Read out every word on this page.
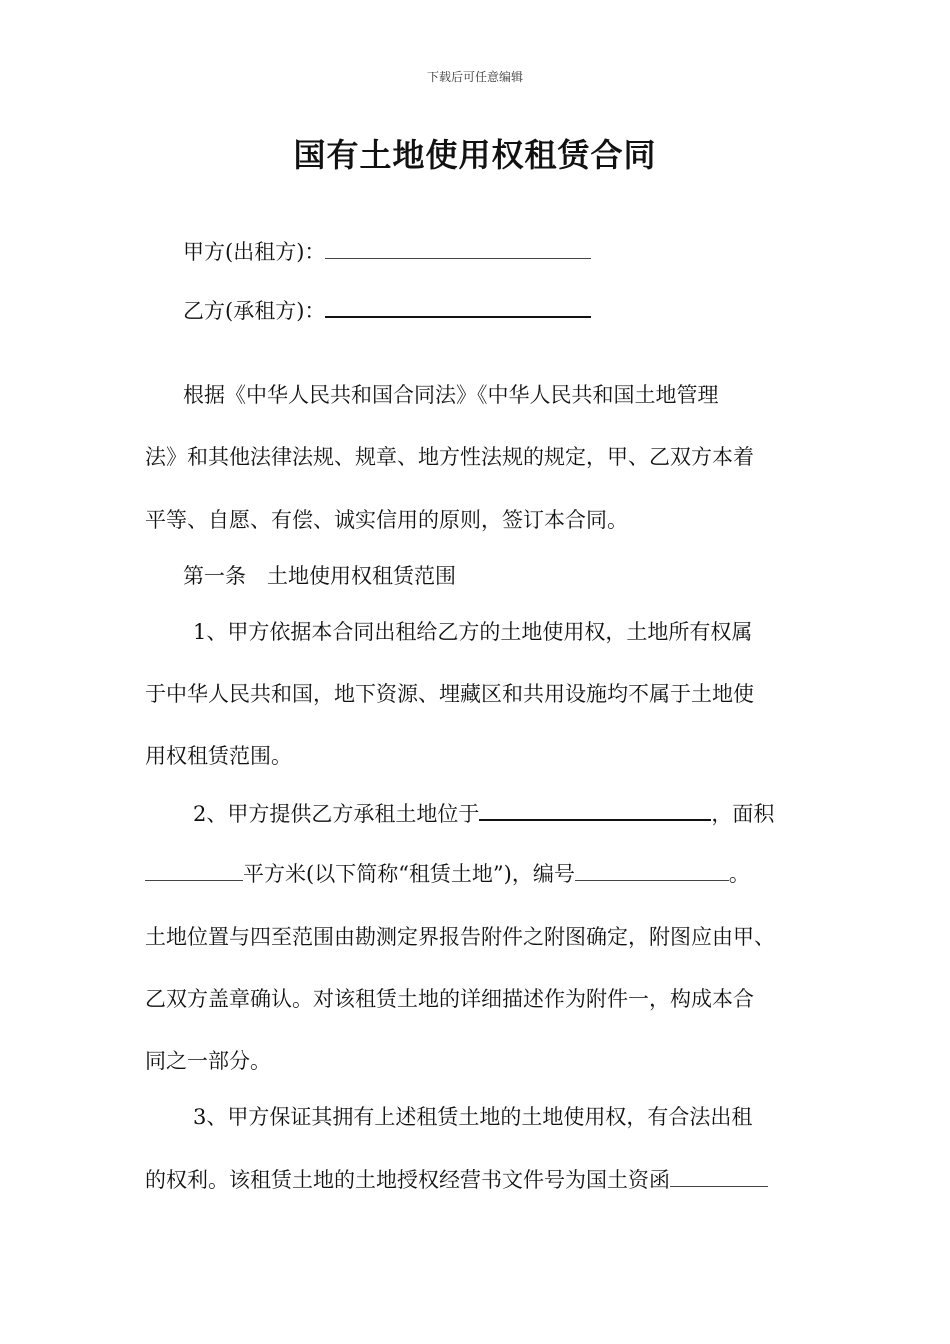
下载后可任意编辑
国有土地使用权租赁合同
甲方(出租方)：
乙方(承租方)：
根据《中华人民共和国合同法》《中华人民共和国土地管理
法》和其他法律法规、规章、地方性法规的规定，甲、乙双方本着
平等、自愿、有偿、诚实信用的原则，签订本合同。
第一条　土地使用权租赁范围
1、甲方依据本合同出租给乙方的土地使用权，土地所有权属
于中华人民共和国，地下资源、埋藏区和共用设施均不属于土地使
用权租赁范围。
2、甲方提供乙方承租土地位于	，面积
平方米(以下简称“租赁土地”)，编号	。
土地位置与四至范围由勘测定界报告附件之附图确定，附图应由甲、
乙双方盖章确认。对该租赁土地的详细描述作为附件一，构成本合
同之一部分。
3、甲方保证其拥有上述租赁土地的土地使用权，有合法出租
的权利。该租赁土地的土地授权经营书文件号为国土资函
